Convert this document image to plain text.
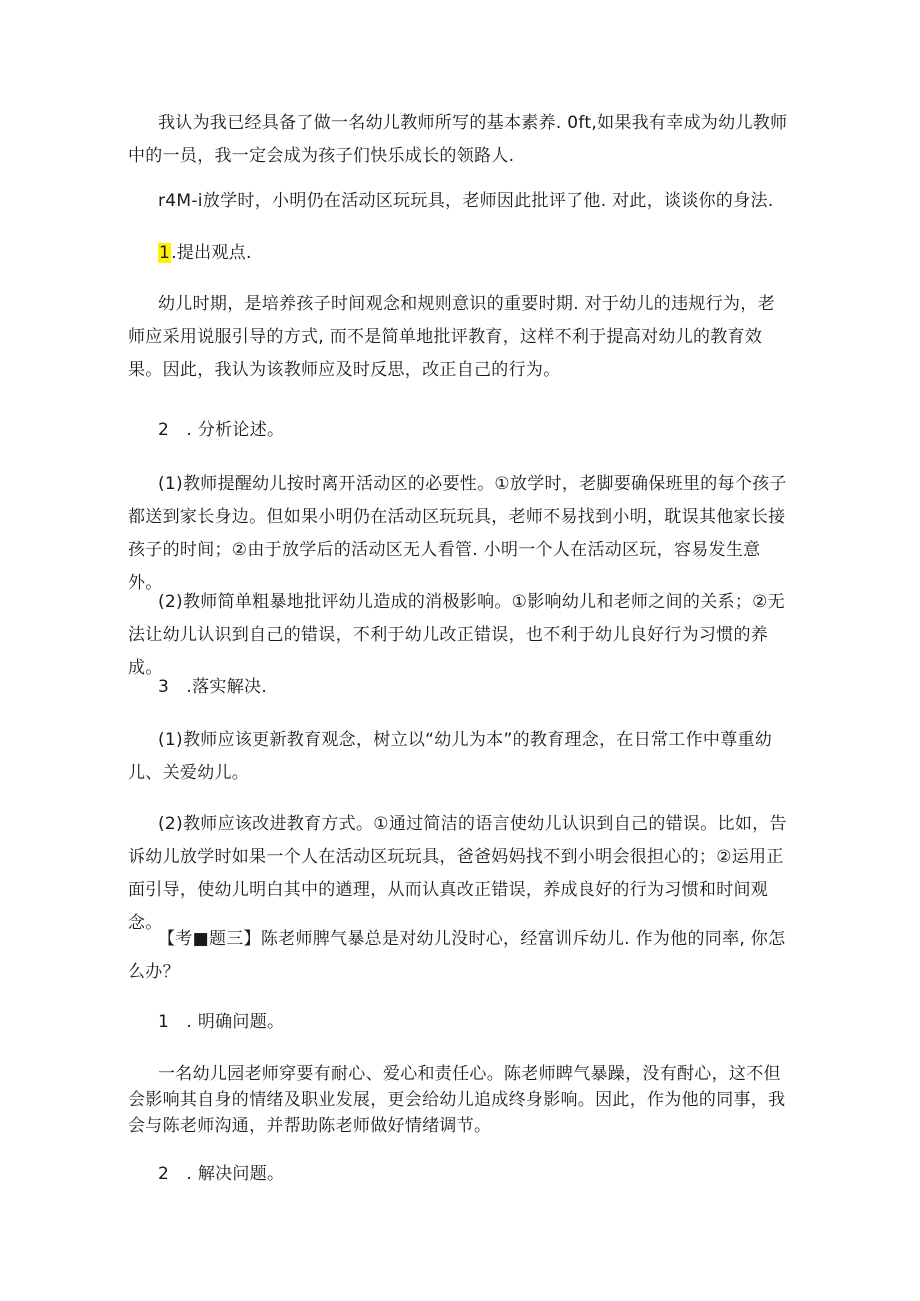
我认为我已经具备了做一名幼儿教师所写的基本素养. 0ft,如果我有幸成为幼儿教师中的一员，我一定会成为孩子们快乐成长的领路人.

r4M-i放学时，小明仍在活动区玩玩具，老师因此批评了他. 对此，谈谈你的身法.

1.提出观点.

幼儿时期，是培养孩子时间观念和规则意识的重要时期. 对于幼儿的违规行为，老师应采用说服引导的方式, 而不是简单地批评教育，这样不利于提高对幼儿的教育效果。因此，我认为该教师应及时反思，改正自己的行为。

2　. 分析论述。

(1)教师提醒幼儿按时离开活动区的必要性。①放学时，老脚要确保班里的每个孩子都送到家长身边。但如果小明仍在活动区玩玩具，老师不易找到小明，耽误其他家长接孩子的时间；②由于放学后的活动区无人看管. 小明一个人在活动区玩，容易发生意外。

(2)教师简单粗暴地批评幼儿造成的消极影响。①影响幼儿和老师之间的关系；②无法让幼儿认识到自己的错误，不利于幼儿改正错误，也不利于幼儿良好行为习惯的养成。

3　.落实解决.

(1)教师应该更新教育观念，树立以“幼儿为本”的教育理念，在日常工作中尊重幼儿、关爱幼儿。

(2)教师应该改进教育方式。①通过简洁的语言使幼儿认识到自己的错误。比如，告诉幼儿放学时如果一个人在活动区玩玩具，爸爸妈妈找不到小明会很担心的；②运用正面引导，使幼儿明白其中的遒理，从而认真改正错误，养成良好的行为习惯和时间观念。

【考■题三】陈老师脾气暴总是对幼儿没时心，经富训斥幼儿. 作为他的同率, 你怎么办？

1　. 明确问题。

一名幼儿园老师穿要有耐心、爱心和责任心。陈老师睥气暴躁，没有酎心，这不但会影响其自身的情绪及职业发展，更会给幼儿追成终身影响。因此，作为他的同事，我会与陈老师沟通，并帮助陈老师做好情绪调节。

2　. 解决问题。
